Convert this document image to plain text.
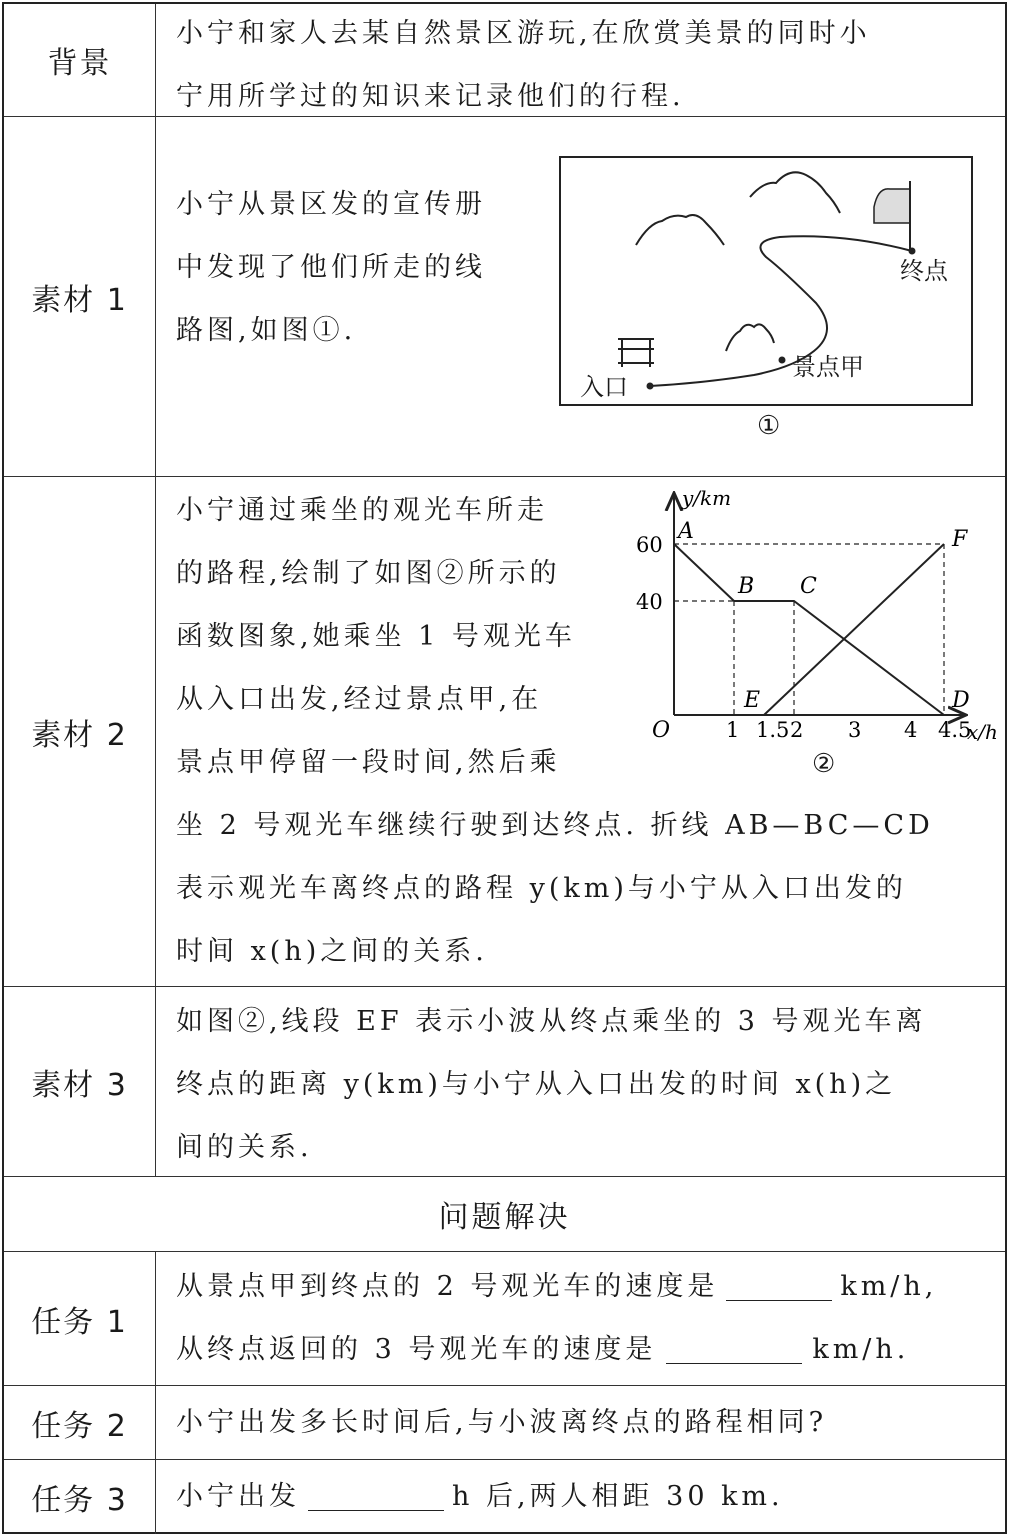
背景
小宁和家人去某自然景区游玩,在欣赏美景的同时小
宁用所学过的知识来记录他们的行程.
素材 1
小宁从景区发的宣传册
中发现了他们所走的线
路图,如图①.
入口
景点甲
终点
①
素材 2
小宁通过乘坐的观光车所走
的路程,绘制了如图②所示的
函数图象,她乘坐 1 号观光车
从入口出发,经过景点甲,在
景点甲停留一段时间,然后乘
坐 2 号观光车继续行驶到达终点. 折线 AB—BC—CD
表示观光车离终点的路程 y(km)与小宁从入口出发的
时间 x(h)之间的关系.
y/km
x/h
O
A
B C
D
E
F
40
60
1 1.5 2 3 4 4.5
②
素材 3
如图②,线段 EF 表示小波从终点乘坐的 3 号观光车离
终点的距离 y(km)与小宁从入口出发的时间 x(h)之
间的关系.
问题解决
任务 1
从景点甲到终点的 2 号观光车的速度是	km/h,
从终点返回的 3 号观光车的速度是	km/h.
任务 2	小宁出发多长时间后,与小波离终点的路程相同?
任务 3	小宁出发	h 后,两人相距 30 km.
